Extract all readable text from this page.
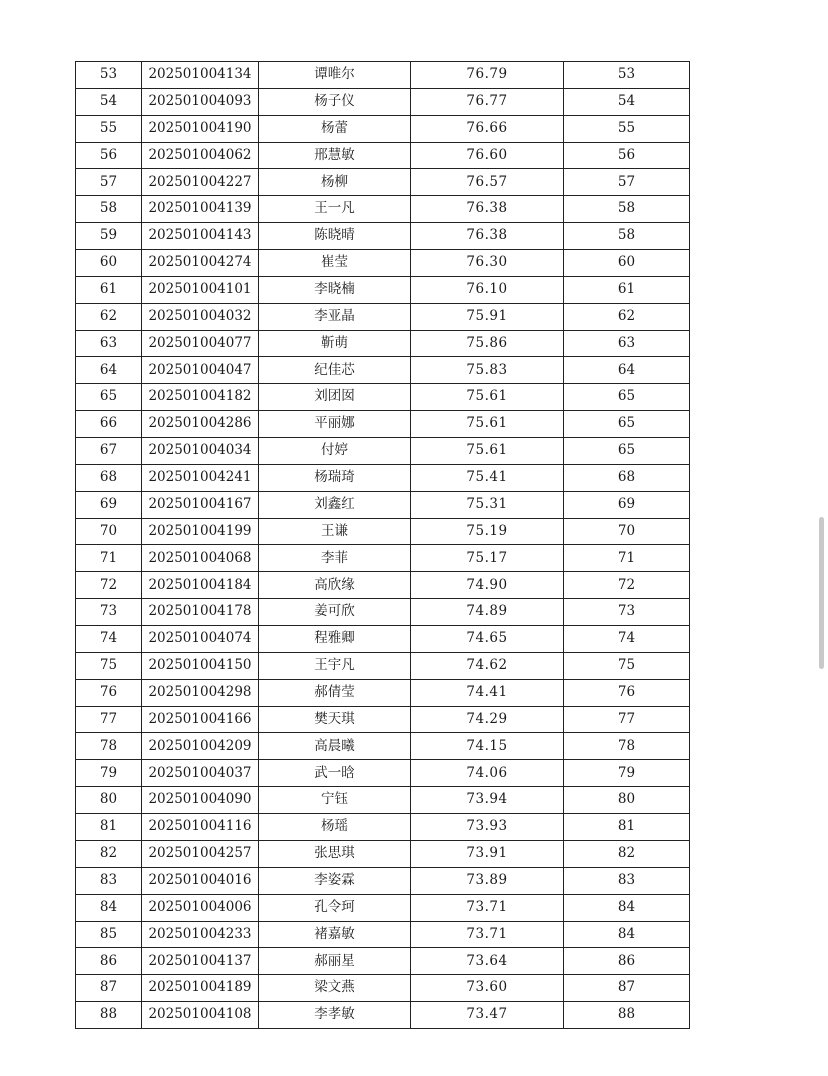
53	202501004134	谭唯尔	76.79	53
54	202501004093	杨子仪	76.77	54
55	202501004190	杨蕾	76.66	55
56	202501004062	邢慧敏	76.60	56
57	202501004227	杨柳	76.57	57
58	202501004139	王一凡	76.38	58
59	202501004143	陈晓晴	76.38	58
60	202501004274	崔莹	76.30	60
61	202501004101	李晓楠	76.10	61
62	202501004032	李亚晶	75.91	62
63	202501004077	靳萌	75.86	63
64	202501004047	纪佳芯	75.83	64
65	202501004182	刘团囡	75.61	65
66	202501004286	平丽娜	75.61	65
67	202501004034	付婷	75.61	65
68	202501004241	杨瑞琦	75.41	68
69	202501004167	刘鑫红	75.31	69
70	202501004199	王谦	75.19	70
71	202501004068	李菲	75.17	71
72	202501004184	高欣缘	74.90	72
73	202501004178	姜可欣	74.89	73
74	202501004074	程雅卿	74.65	74
75	202501004150	王宇凡	74.62	75
76	202501004298	郝倩莹	74.41	76
77	202501004166	樊天琪	74.29	77
78	202501004209	高晨曦	74.15	78
79	202501004037	武一晗	74.06	79
80	202501004090	宁钰	73.94	80
81	202501004116	杨瑶	73.93	81
82	202501004257	张思琪	73.91	82
83	202501004016	李姿霖	73.89	83
84	202501004006	孔令珂	73.71	84
85	202501004233	褚嘉敏	73.71	84
86	202501004137	郝丽星	73.64	86
87	202501004189	梁文燕	73.60	87
88	202501004108	李孝敏	73.47	88
